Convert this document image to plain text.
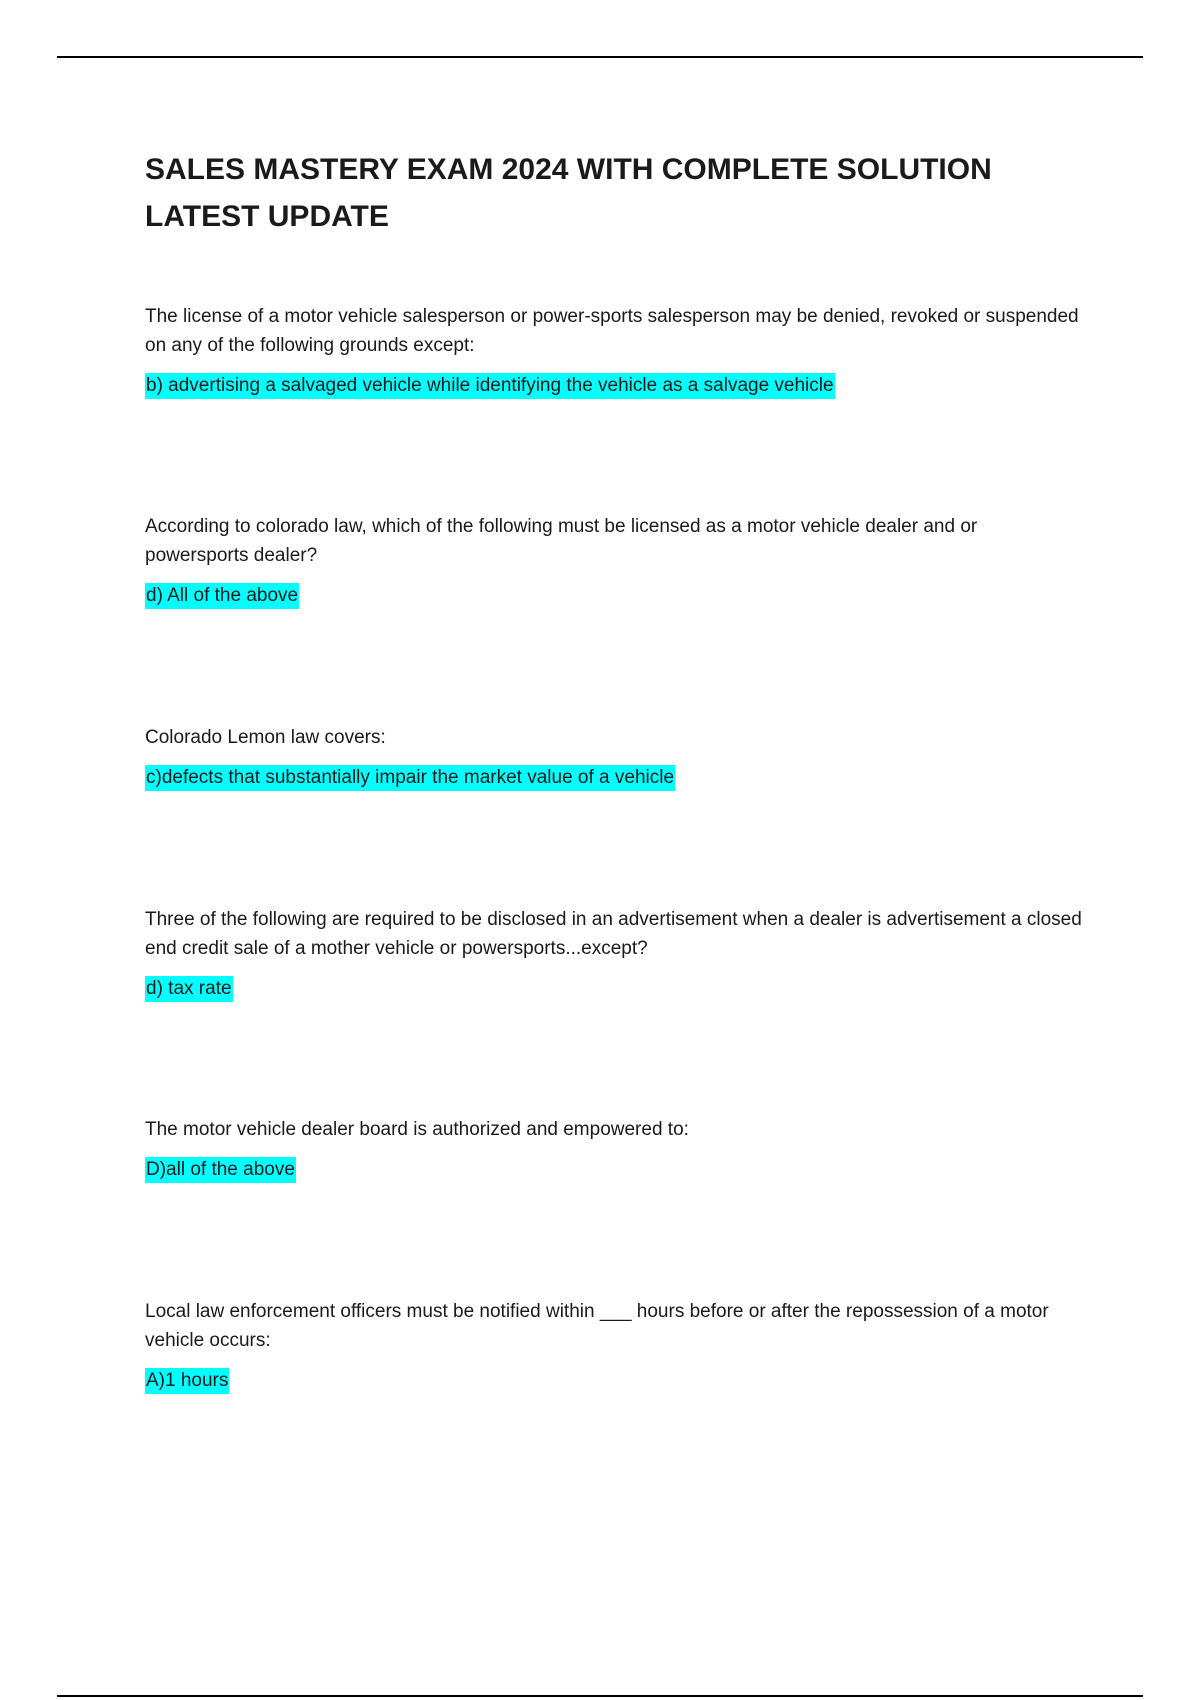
SALES MASTERY EXAM 2024 WITH COMPLETE SOLUTION LATEST UPDATE

The license of a motor vehicle salesperson or power-sports salesperson may be denied, revoked or suspended on any of the following grounds except:

b) advertising a salvaged vehicle while identifying the vehicle as a salvage vehicle

According to colorado law, which of the following must be licensed as a motor vehicle dealer and or powersports dealer?

d) All of the above

Colorado Lemon law covers:

c)defects that substantially impair the market value of a vehicle

Three of the following are required to be disclosed in an advertisement when a dealer is advertisement a closed end credit sale of a mother vehicle or powersports...except?

d) tax rate

The motor vehicle dealer board is authorized and empowered to:

D)all of the above

Local law enforcement officers must be notified within ___ hours before or after the repossession of a motor vehicle occurs:

A)1 hours
